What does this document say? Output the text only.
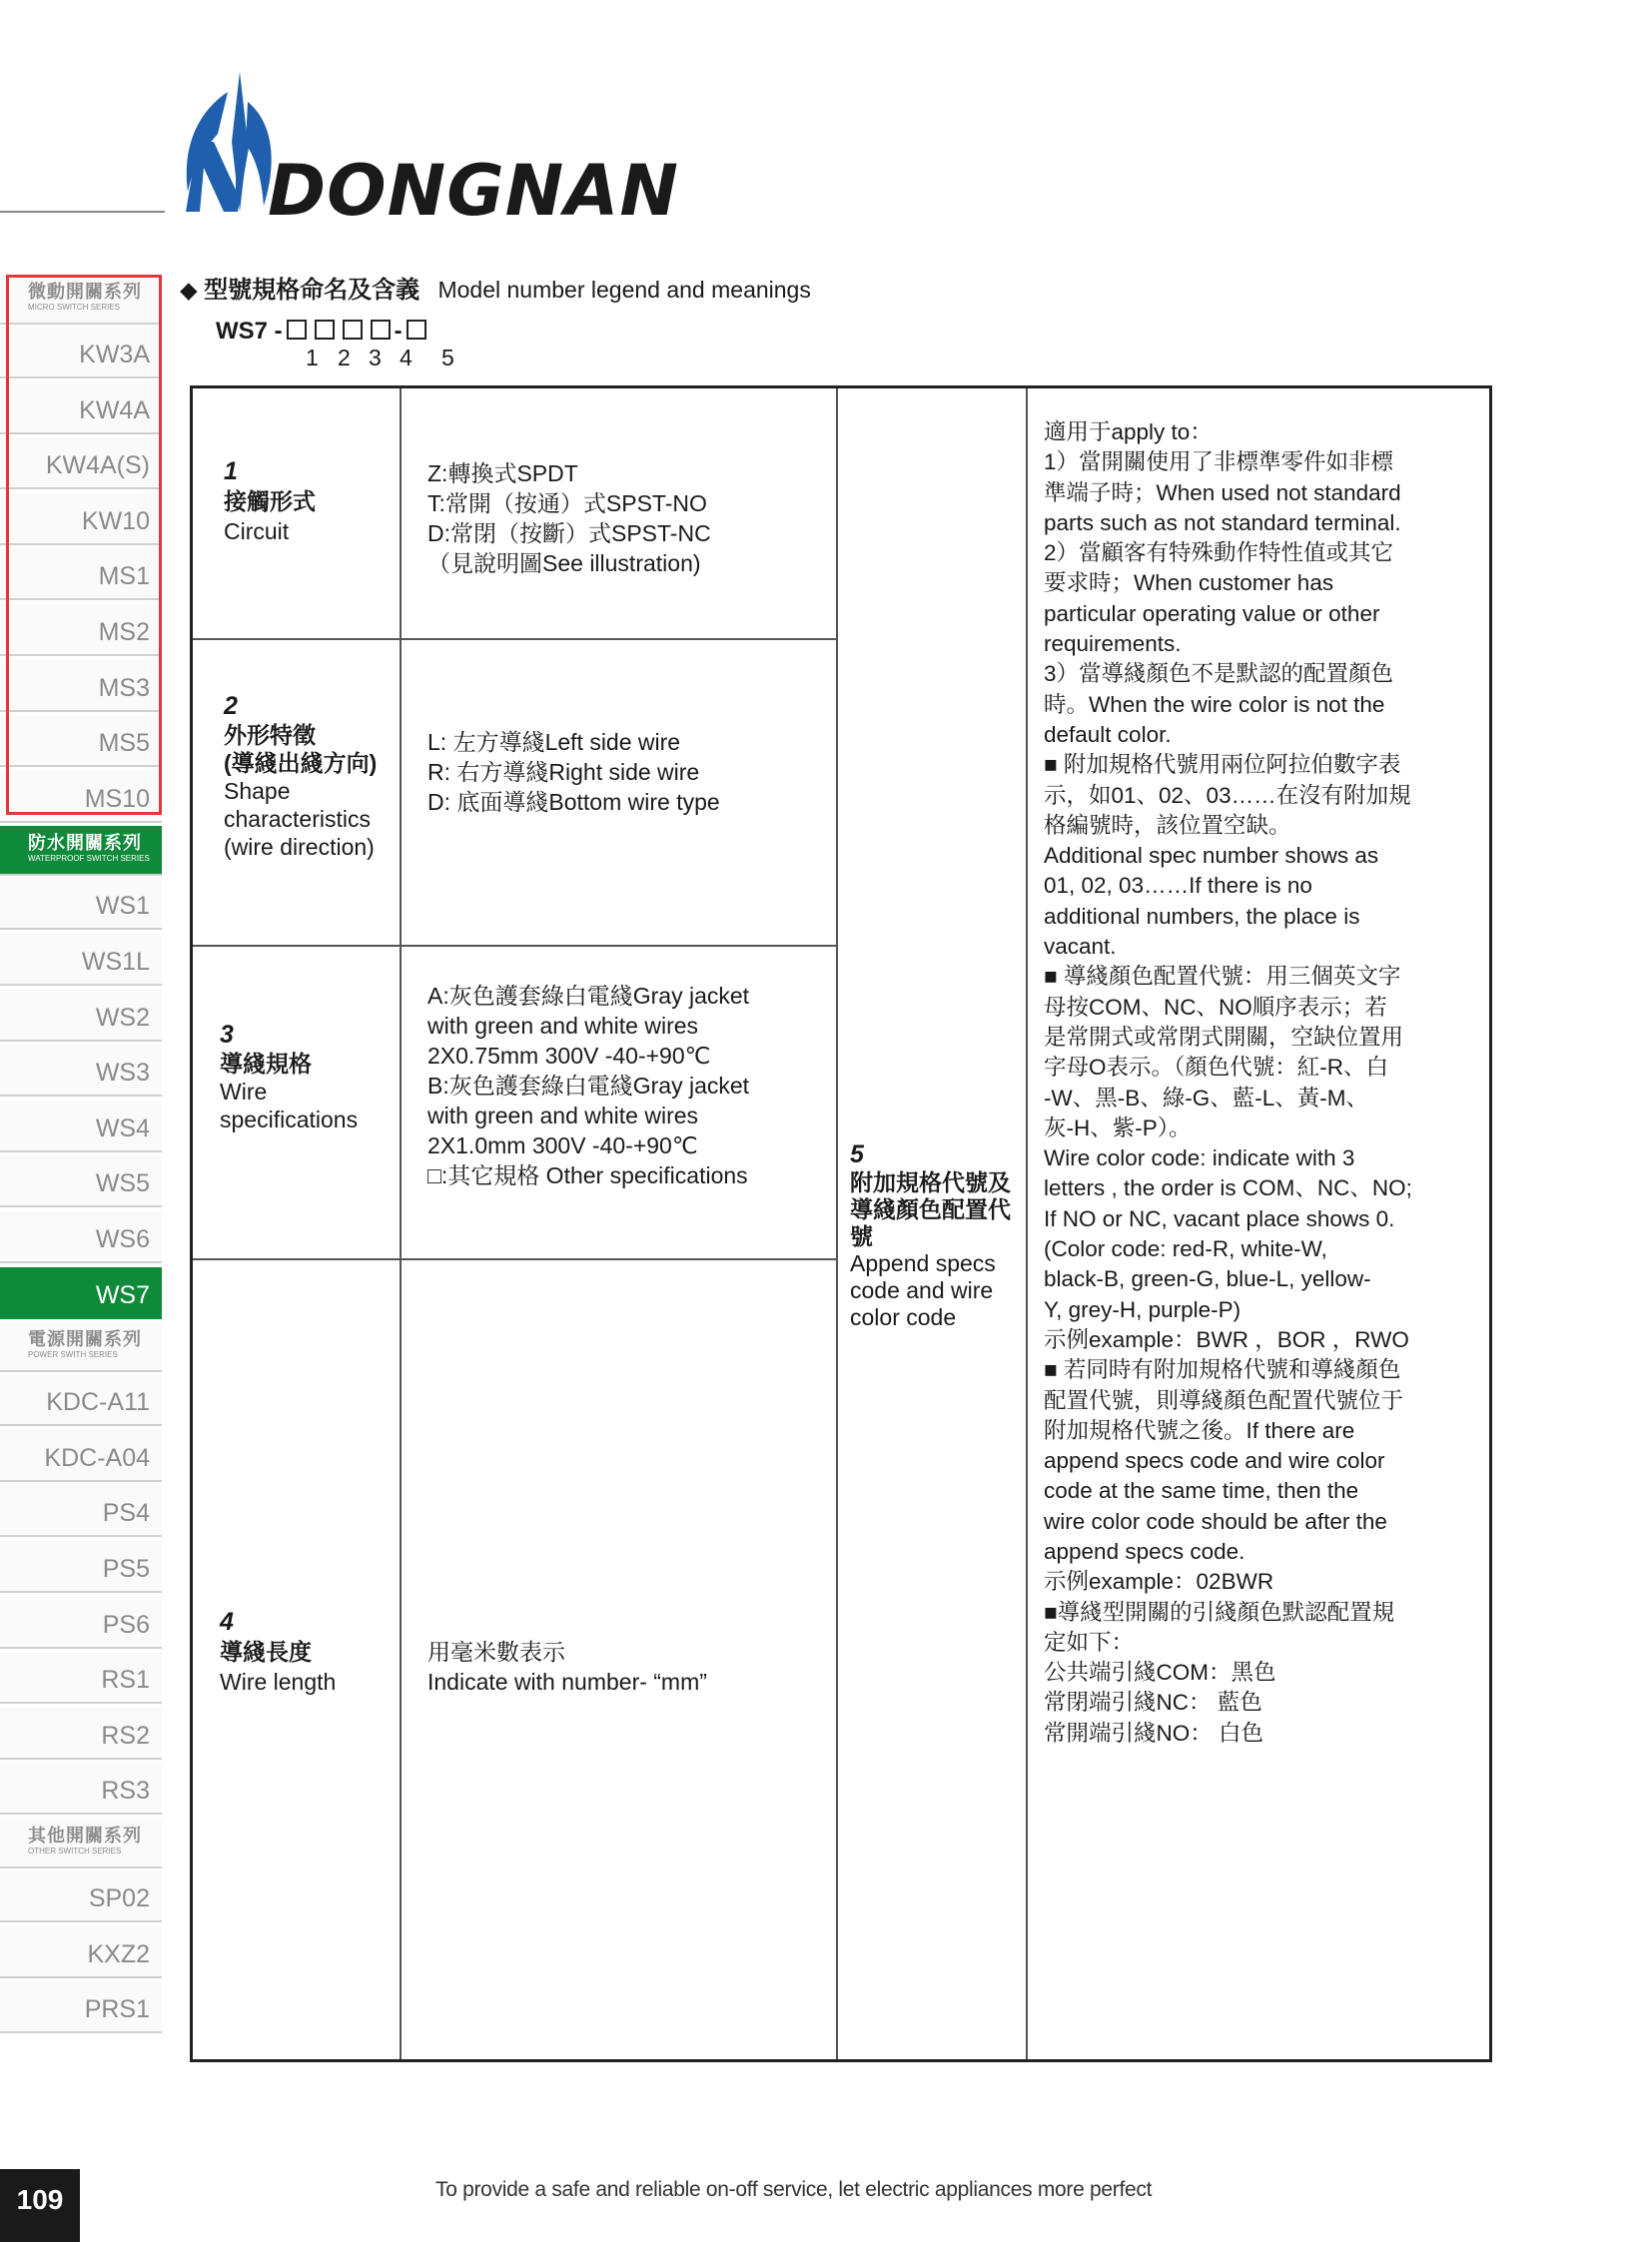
DONGNAN
微動開關系列
MICRO SWITCH SERIES
KW3A
KW4A
KW4A(S)
KW10
MS1
MS2
MS3
MS5
MS10
防水開關系列
WATERPROOF SWITCH SERIES
WS1
WS1L
WS2
WS3
WS4
WS5
WS6
WS7
電源開關系列
POWER SWITH SERIES
KDC-A11
KDC-A04
PS4
PS5
PS6
RS1
RS2
RS3
其他開關系列
OTHER SWITCH SERIES
SP02
KXZ2
PRS1
◆ 型號規格命名及含義 Model number legend and meanings
WS7 -	-
1 2 3 4 5
1
接觸形式
Circuit
Z:轉換式SPDT
T:常開（按通）式SPST-NO
D:常閉（按斷）式SPST-NC
（見說明圖See illustration)
2
外形特徵
(導綫出綫方向)
Shape
characteristics
(wire direction)
L: 左方導綫Left side wire
R: 右方導綫Right side wire
D: 底面導綫Bottom wire type
3
導綫規格
Wire
specifications
A:灰色護套綠白電綫Gray jacket
with green and white wires
2X0.75mm 300V -40-+90℃
B:灰色護套綠白電綫Gray jacket
with green and white wires
2X1.0mm 300V -40-+90℃
□:其它規格 Other specifications
4
導綫長度
Wire length
用毫米數表示
Indicate with number- “mm”
5
附加規格代號及
導綫顏色配置代
號
Append specs
code and wire
color code
適用于apply to：
1）當開關使用了非標準零件如非標
準端子時；When used not standard
parts such as not standard terminal.
2）當顧客有特殊動作特性值或其它
要求時；When customer has
particular operating value or other
requirements.
3）當導綫顏色不是默認的配置顏色
時。When the wire color is not the
default color.
■ 附加規格代號用兩位阿拉伯數字表
示，如01、02、03……在沒有附加規
格編號時，該位置空缺。
Additional spec number shows as
01, 02, 03……If there is no
additional numbers, the place is
vacant.
■ 導綫顏色配置代號：用三個英文字
母按COM、NC、NO順序表示；若
是常開式或常閉式開關，空缺位置用
字母O表示。（顏色代號：紅-R、白
-W、黑-B、綠-G、藍-L、黃-M、
灰-H、紫-P）。
Wire color code: indicate with 3
letters , the order is COM、NC、NO;
If NO or NC, vacant place shows 0.
(Color code: red-R, white-W,
black-B, green-G, blue-L, yellow-
Y, grey-H, purple-P)
示例example：BWR ，BOR ，RWO
■ 若同時有附加規格代號和導綫顏色
配置代號，則導綫顏色配置代號位于
附加規格代號之後。If there are
append specs code and wire color
code at the same time, then the
wire color code should be after the
append specs code.
示例example：02BWR
■導綫型開關的引綫顏色默認配置規
定如下：
公共端引綫COM：黑色
常閉端引綫NC： 藍色
常開端引綫NO： 白色
109	To provide a safe and reliable on-off service, let electric appliances more perfect
